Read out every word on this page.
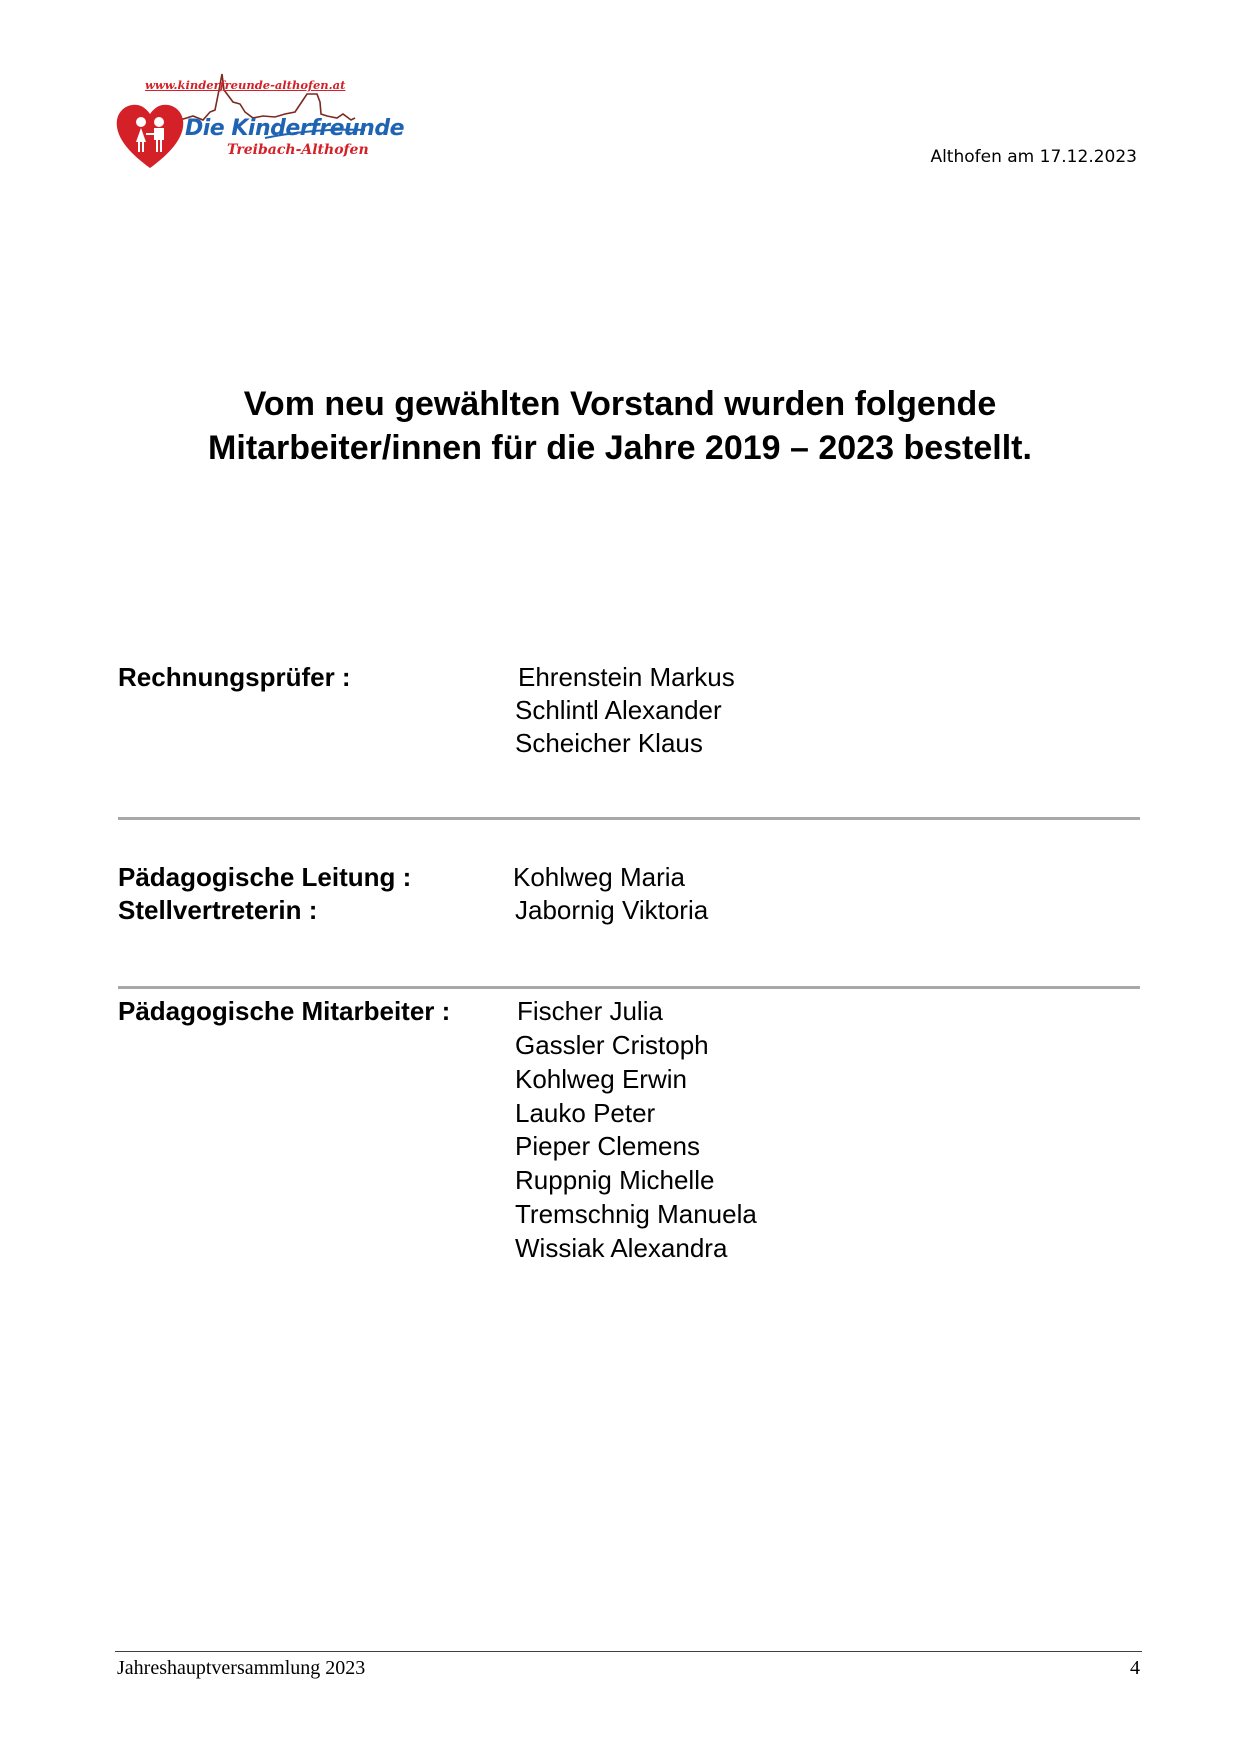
www.kinderfreunde-althofen.at
Die Kinderfreunde
Treibach-Althofen	Althofen am 17.12.2023
Vom neu gewählten Vorstand wurden folgende
Mitarbeiter/innen für die Jahre 2019 – 2023 bestellt.
Rechnungsprüfer :	Ehrenstein Markus
Schlintl Alexander
Scheicher Klaus
Pädagogische Leitung :	Kohlweg Maria
Stellvertreterin :	Jabornig Viktoria
Pädagogische Mitarbeiter :	Fischer Julia
Gassler Cristoph
Kohlweg Erwin
Lauko Peter
Pieper Clemens
Ruppnig Michelle
Tremschnig Manuela
Wissiak Alexandra
Jahreshauptversammlung 2023	4
